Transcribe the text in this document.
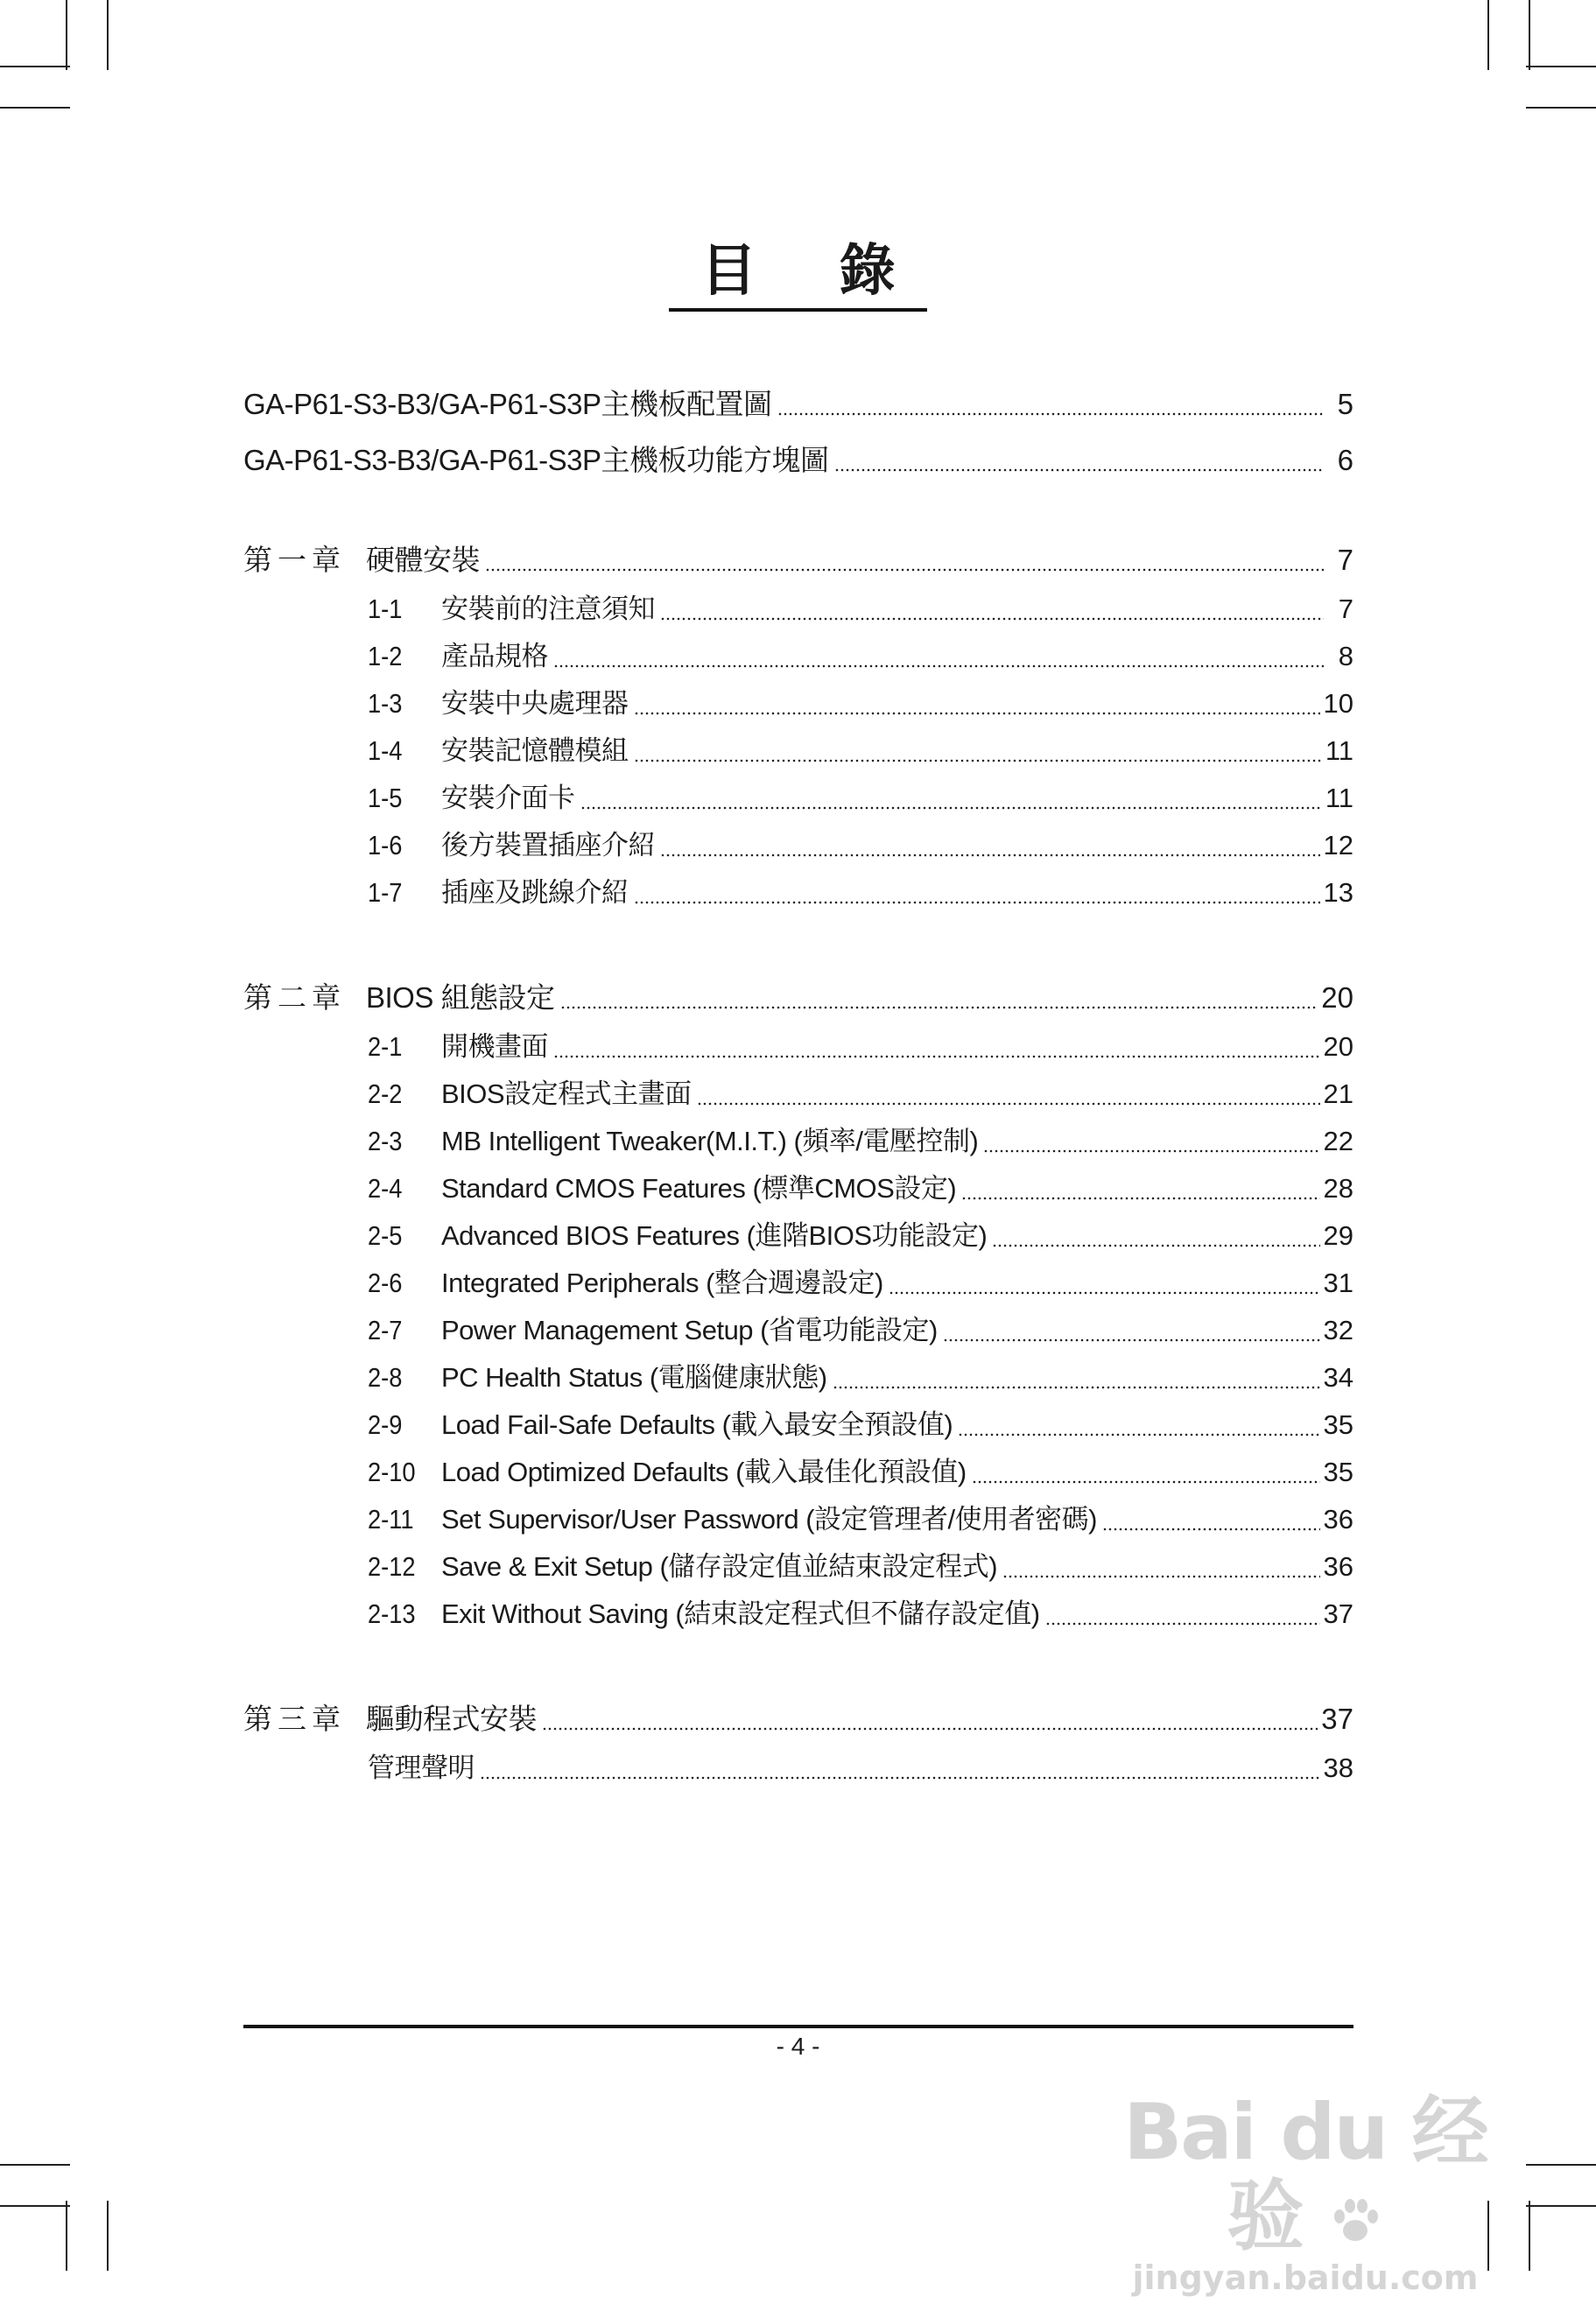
目 錄
GA-P61-S3-B3/GA-P61-S3P主機板配置圖	5
GA-P61-S3-B3/GA-P61-S3P主機板功能方塊圖	6
第一章 硬體安裝	7
1-1	安裝前的注意須知	7
1-2	產品規格	8
1-3	安裝中央處理器	10
1-4	安裝記憶體模組	11
1-5	安裝介面卡	11
1-6	後方裝置插座介紹	12
1-7	插座及跳線介紹	13
第二章 BIOS 組態設定	20
2-1	開機畫面	20
2-2	BIOS設定程式主畫面	21
2-3	MB Intelligent Tweaker(M.I.T.) (頻率/電壓控制)	22
2-4	Standard CMOS Features (標準CMOS設定)	28
2-5	Advanced BIOS Features (進階BIOS功能設定)	29
2-6	Integrated Peripherals (整合週邊設定)	31
2-7	Power Management Setup (省電功能設定)	32
2-8	PC Health Status (電腦健康狀態)	34
2-9	Load Fail-Safe Defaults (載入最安全預設值)	35
2-10 Load Optimized Defaults (載入最佳化預設值)	35
2-11	Set Supervisor/User Password (設定管理者/使用者密碼)	36
2-12 Save & Exit Setup (儲存設定值並結束設定程式)	36
2-13 Exit Without Saving (結束設定程式但不儲存設定值)	37
第三章 驅動程式安裝	37
管理聲明	38
- 4 -
Bai du 经验
jingyan.baidu.com
